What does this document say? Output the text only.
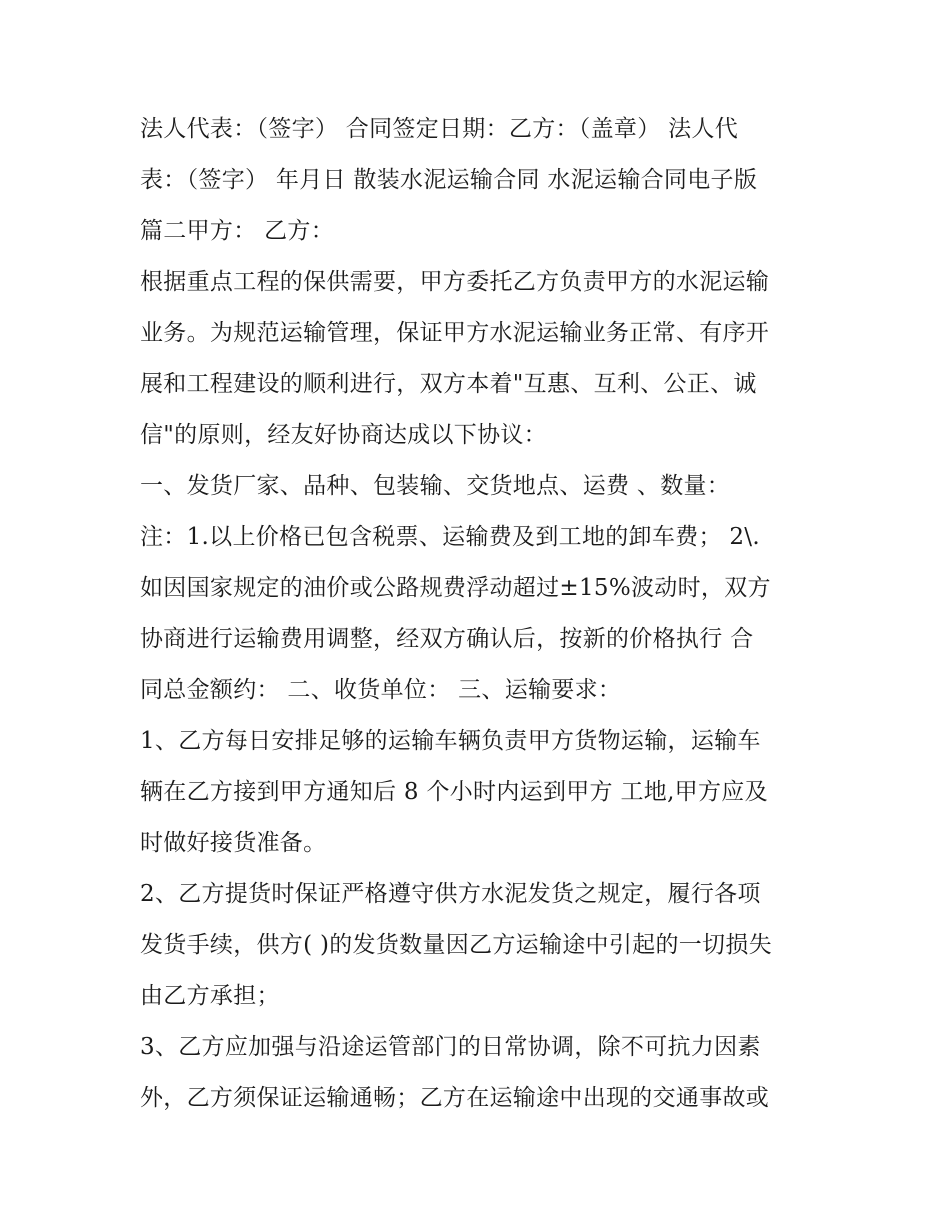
法人代表：（签字） 合同签定日期：乙方：（盖章） 法人代
表：（签字） 年月日 散装水泥运输合同 水泥运输合同电子版
篇二甲方： 乙方：
根据重点工程的保供需要，甲方委托乙方负责甲方的水泥运输
业务。为规范运输管理，保证甲方水泥运输业务正常、有序开
展和工程建设的顺利进行，双方本着"互惠、互利、公正、诚
信"的原则，经友好协商达成以下协议：
一、发货厂家、品种、包装输、交货地点、运费 、数量：
注：1.以上价格已包含税票、运输费及到工地的卸车费； 2\.
如因国家规定的油价或公路规费浮动超过±15%波动时，双方
协商进行运输费用调整，经双方确认后，按新的价格执行 合
同总金额约： 二、收货单位： 三、运输要求：
1、乙方每日安排足够的运输车辆负责甲方货物运输，运输车
辆在乙方接到甲方通知后 8 个小时内运到甲方 工地,甲方应及
时做好接货准备。
2、乙方提货时保证严格遵守供方水泥发货之规定，履行各项
发货手续，供方( )的发货数量因乙方运输途中引起的一切损失
由乙方承担；
3、乙方应加强与沿途运管部门的日常协调，除不可抗力因素
外，乙方须保证运输通畅；乙方在运输途中出现的交通事故或
